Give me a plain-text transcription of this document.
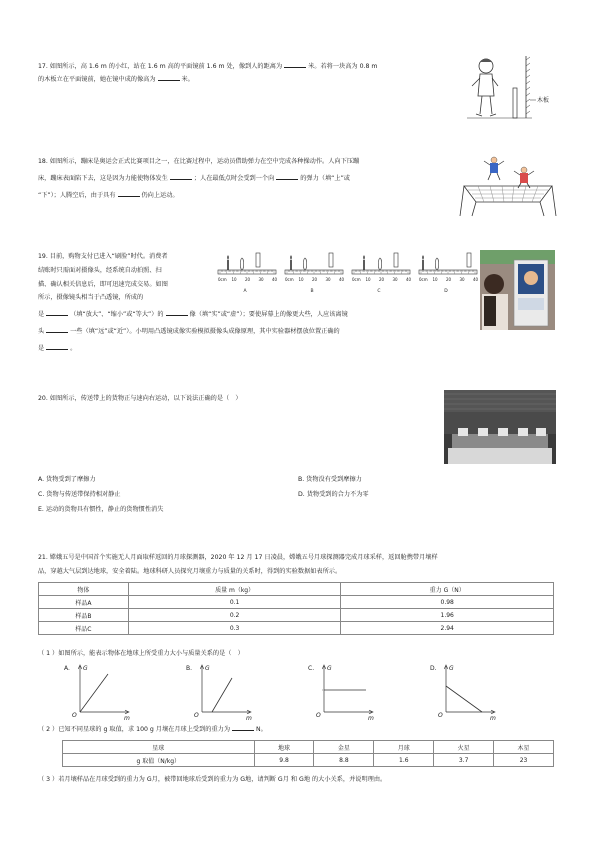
17. 如图所示，高 1.6 m 的小红，站在 1.6 m 高的平面镜前 1.6 m 处，像到人的距离为	米。若将一块高为 0.8 m
的木板立在平面镜前，她在镜中成的像高为	米。
木板
18. 如图所示，蹦床是奥运会正式比赛项目之一，在比赛过程中，运动员借助弹力在空中完成各种操动作。人向下压蹦
床，蹦床表面陷下去，这是因为力能使物体发生	；人在最低点时会受到一个向	的弹力（填“上”或
“下”）；人腾空后，由于具有	仍向上运动。
19. 目前，购物支付已进入“刷脸”时代。消费者
结账时只需面对摄像头，经系统自动拍照、扫
描、确认相关信息后，即可迅速完成交易。如图
所示，摄像镜头相当于凸透镜，所成的
是	（填“放大”、“缩小”或“等大”）的	像（填“实”或“虚”）；要使屏幕上的像更大些，人应该离镜
头	一些（填“远”或“近”）。小明用凸透镜成像实验模拟摄像头成像原理，其中实验器材摆放位置正确的
是	。
0cm 10 20 30 40
A
0cm 10 20 30 40
B
0cm 10 20 30 40
C
0cm 10 20 30 40
D
20. 如图所示，传送带上的货物正与速向右运动，以下说法正确的是（　）
A. 货物受到了摩擦力	B. 货物没有受到摩擦力
C. 货物与传送带保持相对静止	D. 货物受到的合力不为零
E. 运动的货物具有惯性，静止的货物惯性消失
21. 嫦娥五号是中国首个实施无人月面取样返回的月球探测器，2020 年 12 月 17 日凌晨，嫦娥五号月球探测器完成月球采样，返回舱携带月壤样
品，穿越大气层到达地球，安全着陆。地球科研人员探究月壤重力与质量的关系时，得到的实验数据如表所示。
物体	质量 m（kg）	重力 G（N）
样品A	0.1	0.98
样品B	0.2	1.96
样品C	0.3	2.94
（ 1 ）如图所示，能表示物体在地球上所受重力大小与质量关系的是（　）
A. G
O	m
B. G
O	m
C. G
O	m
D. G
O	m
（ 2 ）已知不同星球的 g 取值，求 100 g 月壤在月球上受到的重力为	N。
星球	地球	金星	月球	火星	木星
g 取值（N/kg）	9.8	8.8	1.6	3.7	23
（ 3 ）若月壤样品在月球受到的重力为 G月，被带回地球后受到的重力为 G地，请判断 G月 和 G地 的大小关系，并说明理由。
